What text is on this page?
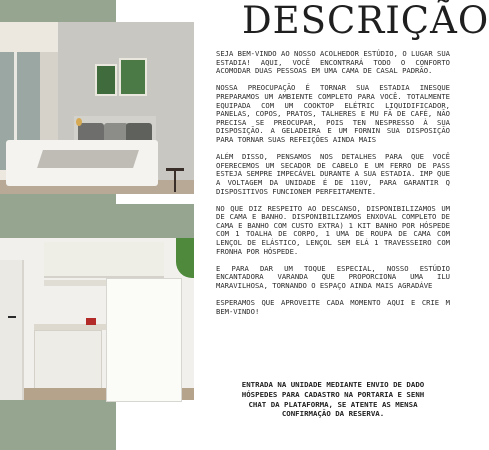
DESCRIÇÃO

SEJA BEM-VINDO AO NOSSO ACOLHEDOR ESTÚDIO, O LUGAR SUA ESTADIA! AQUI, VOCÊ ENCONTRARÁ TODO O CONFORTO ACOMODAR DUAS PESSOAS EM UMA CAMA DE CASAL PADRÃO.

NOSSA PREOCUPAÇÃO É TORNAR SUA ESTADIA INESQUE PREPARAMOS UM AMBIENTE COMPLETO PARA VOCÊ. TOTALMENTE EQUIPADA COM UM COOKTOP ELÉTRIC LIQUIDIFICADOR, PANELAS, COPOS, PRATOS, TALHERES E MU FÃ DE CAFÉ, NÃO PRECISA SE PREOCUPAR, POIS TEN NESPRESSO À SUA DISPOSIÇÃO. A GELADEIRA E UM FORNIN SUA DISPOSIÇÃO PARA TORNAR SUAS REFEIÇÕES AINDA MAIS

ALÉM DISSO, PENSAMOS NOS DETALHES PARA QUE VOCÊ OFERECEMOS UM SECADOR DE CABELO E UM FERRO DE PASS ESTEJA SEMPRE IMPECÁVEL DURANTE A SUA ESTADIA. IMP QUE A VOLTAGEM DA UNIDADE É DE 110V, PARA GARANTIR Q DISPOSITIVOS FUNCIONEM PERFEITAMENTE.

NO QUE DIZ RESPEITO AO DESCANSO, DISPONIBILIZAMOS UM DE CAMA E BANHO. DISPONIBILIZAMOS ENXOVAL COMPLETO DE CAMA E BANHO COM CUSTO EXTRA) 1 KIT BANHO POR HÓSPEDE COM 1 TOALHA DE CORPO, 1 UMA DE ROUPA DE CAMA COM LENÇOL DE ELÁSTICO, LENÇOL SEM ELÁ 1 TRAVESSEIRO COM FRONHA POR HÓSPEDE.

E PARA DAR UM TOQUE ESPECIAL, NOSSO ESTÚDIO ENCANTADORA VARANDA QUE PROPORCIONA UMA ILU MARAVILHOSA, TORNANDO O ESPAÇO AINDA MAIS AGRADÁVE

ESPERAMOS QUE APROVEITE CADA MOMENTO AQUI E CRIE M BEM-VINDO!

ENTRADA NA UNIDADE MEDIANTE ENVIO DE DADO
HÓSPEDES PARA CADASTRO NA PORTARIA E SENH
CHAT DA PLATAFORMA, SE ATENTE AS MENSA
CONFIRMAÇÃO DA RESERVA.
